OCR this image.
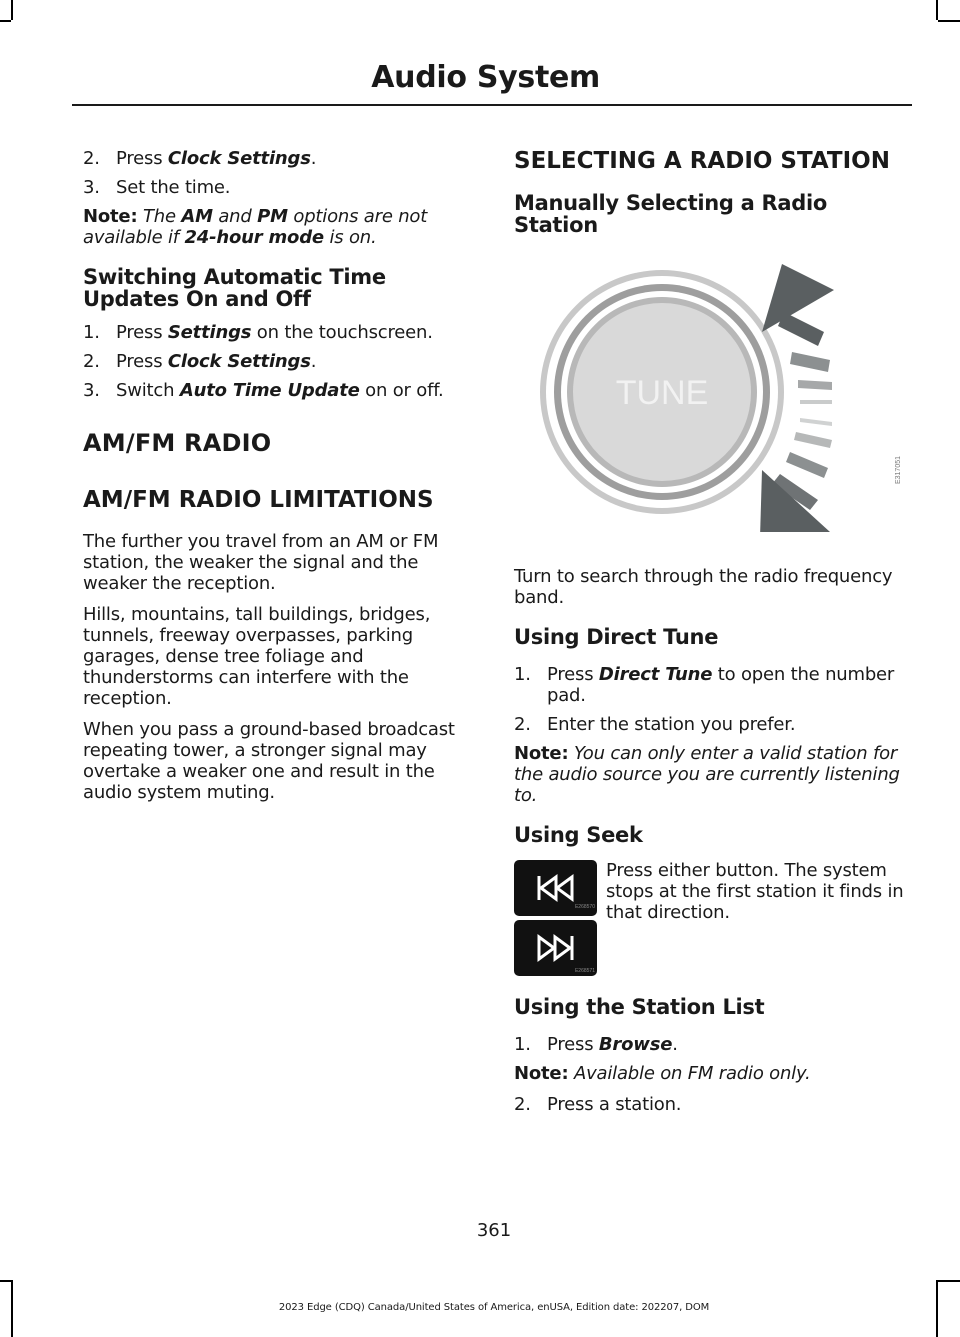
Audio System
2. Press Clock Settings.
3. Set the time.
Note: The AM and PM options are not available if 24-hour mode is on.
Switching Automatic Time Updates On and Off
1. Press Settings on the touchscreen.
2. Press Clock Settings.
3. Switch Auto Time Update on or off.
AM/FM RADIO
AM/FM RADIO LIMITATIONS

The further you travel from an AM or FM station, the weaker the signal and the weaker the reception.

Hills, mountains, tall buildings, bridges, tunnels, freeway overpasses, parking garages, dense tree foliage and thunderstorms can interfere with the reception.

When you pass a ground-based broadcast repeating tower, a stronger signal may overtake a weaker one and result in the audio system muting.

SELECTING A RADIO STATION
Manually Selecting a Radio Station
TUNE
E317051

Turn to search through the radio frequency band.

Using Direct Tune
1. Press Direct Tune to open the number pad.
2. Enter the station you prefer.
Note: You can only enter a valid station for the audio source you are currently listening to.
Using Seek
E268570
E268571

Press either button. The system stops at the first station it finds in that direction.

Using the Station List
1. Press Browse.
Note: Available on FM radio only.
2. Press a station.
361
2023 Edge (CDQ) Canada/United States of America, enUSA, Edition date: 202207, DOM
